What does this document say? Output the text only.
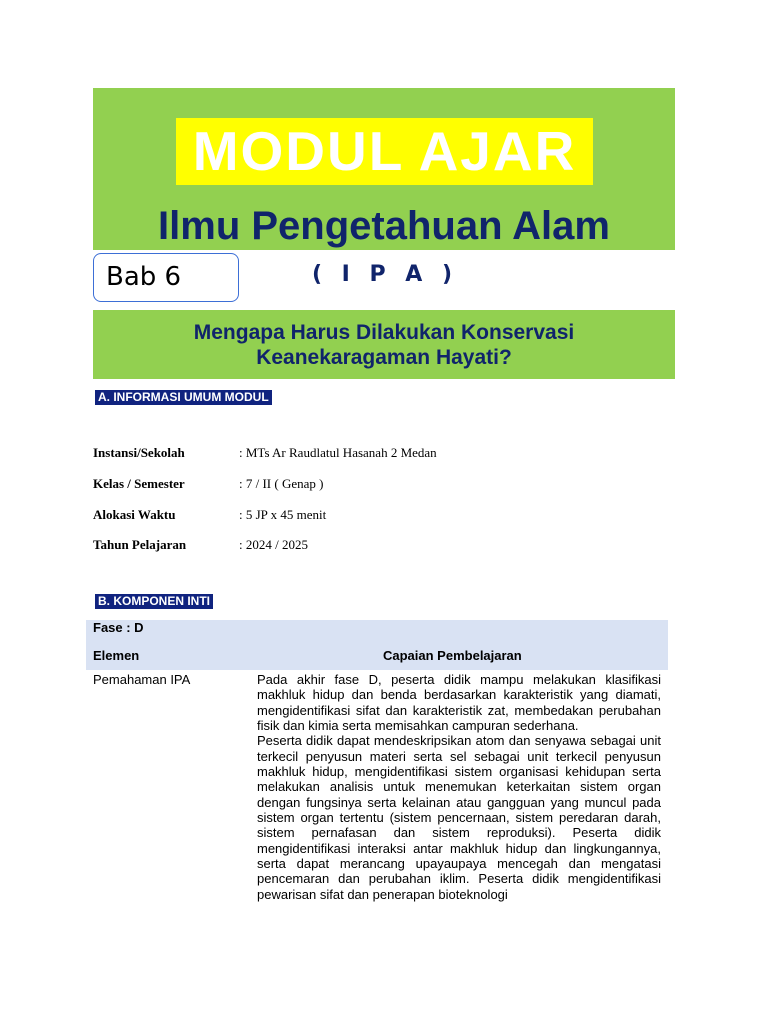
MODUL AJAR
Ilmu Pengetahuan Alam
Bab 6	( I P A )
Mengapa Harus Dilakukan Konservasi Keanekaragaman Hayati?
A. INFORMASI UMUM MODUL
Instansi/Sekolah	: MTs Ar Raudlatul Hasanah 2 Medan
Kelas / Semester	: 7 / II ( Genap )
Alokasi Waktu	: 5 JP x 45 menit
Tahun Pelajaran	: 2024 / 2025
B. KOMPONEN INTI
Fase : D
Elemen	Capaian Pembelajaran
Pemahaman IPA	Pada akhir fase D, peserta didik mampu melakukan klasifikasi makhluk hidup dan benda berdasarkan karakteristik yang diamati, mengidentifikasi sifat dan karakteristik zat, membedakan perubahan fisik dan kimia serta memisahkan campuran sederhana.

Peserta didik dapat mendeskripsikan atom dan senyawa sebagai unit terkecil penyusun materi serta sel sebagai unit terkecil penyusun makhluk hidup, mengidentifikasi sistem organisasi kehidupan serta melakukan analisis untuk menemukan keterkaitan sistem organ dengan fungsinya serta kelainan atau gangguan yang muncul pada sistem organ tertentu (sistem pencernaan, sistem peredaran darah, sistem pernafasan dan sistem reproduksi). Peserta didik mengidentifikasi interaksi antar makhluk hidup dan lingkungannya, serta dapat merancang upayaupaya mencegah dan mengatasi pencemaran dan perubahan iklim. Peserta didik mengidentifikasi pewarisan sifat dan penerapan bioteknologi
